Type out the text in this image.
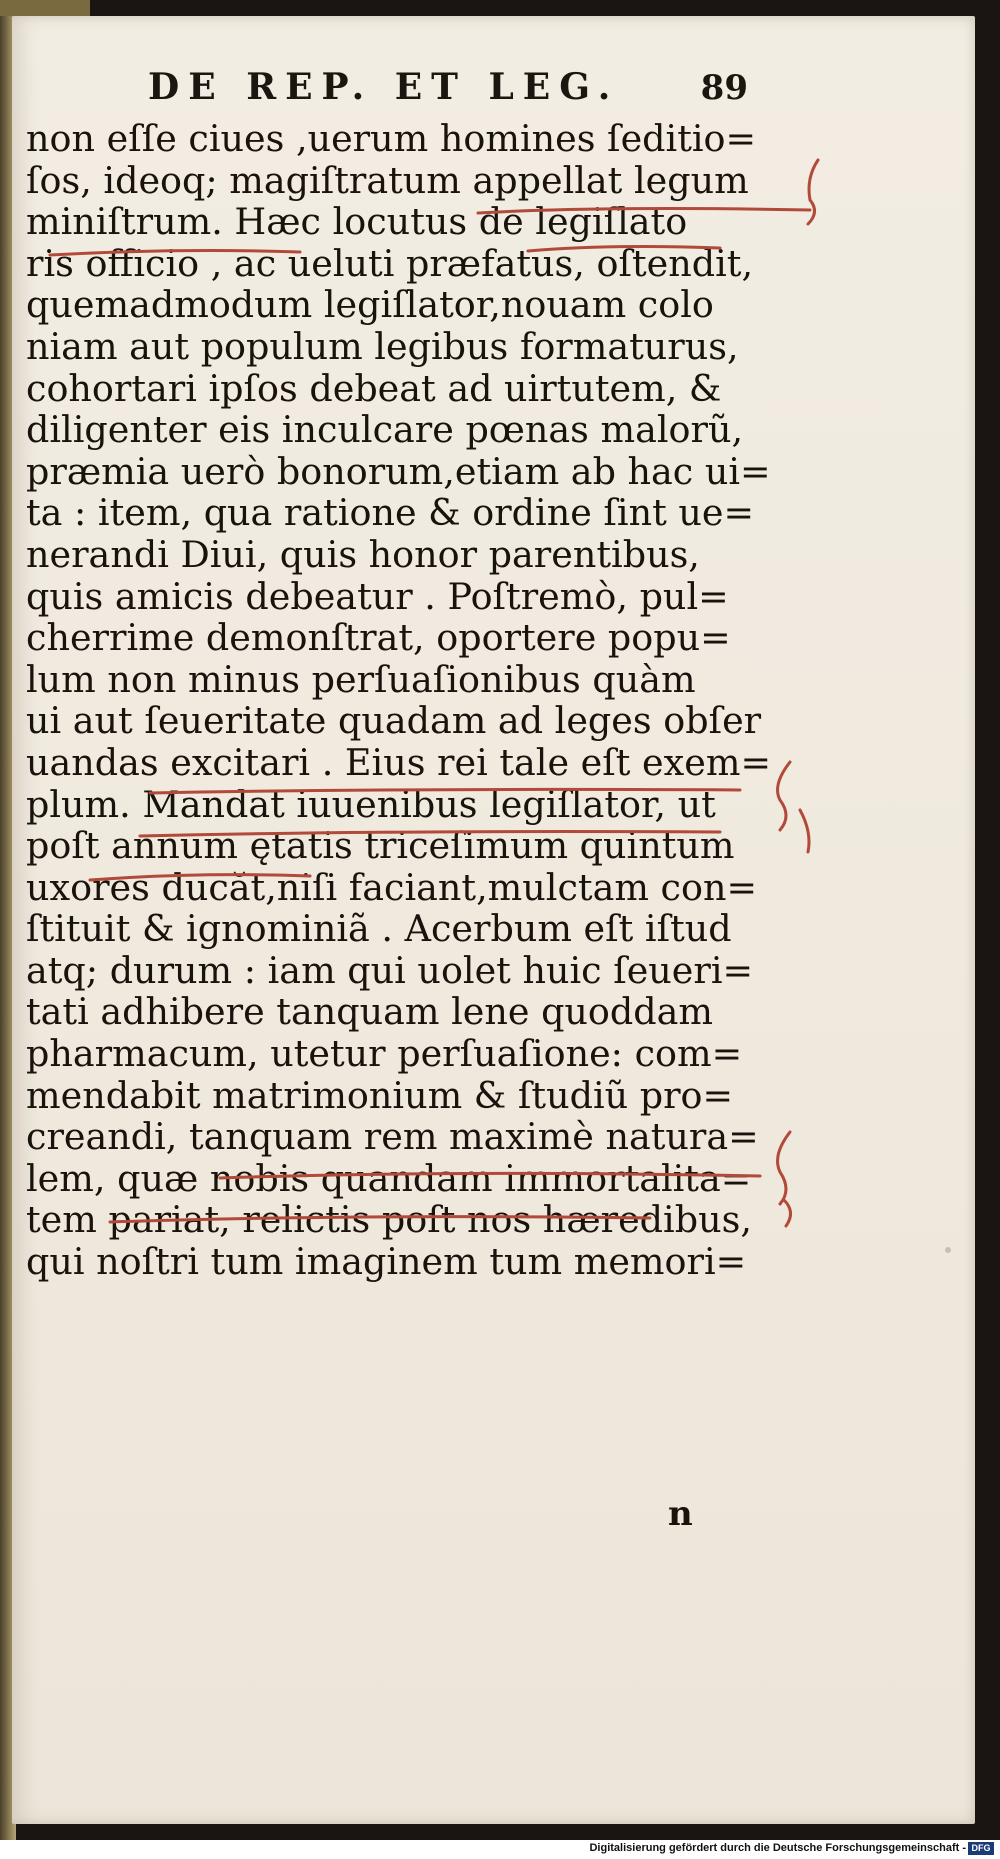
DE REP. ET LEG. 89
non eſſe ciues ,uerum homines ſeditio=
ſos, ideoq; magiſtratum appellat legum
miniſtrum. Hæc locutus de legiſlato
ris officio , ac ueluti præfatus, oſtendit,
quemadmodum legiſlator,nouam colo
niam aut populum legibus formaturus,
cohortari ipſos debeat ad uirtutem, &
diligenter eis inculcare pœnas malorũ,
præmia uerò bonorum,etiam ab hac ui=
ta : item, qua ratione & ordine ſint ue=
nerandi Diui, quis honor parentibus,
quis amicis debeatur . Poſtremò, pul=
cherrime demonſtrat, oportere popu=
lum non minus perſuaſionibus quàm
ui aut ſeueritate quadam ad leges obſer
uandas excitari . Eius rei tale eſt exem=
plum. Mandat iuuenibus legiſlator, ut
poſt annum ętatis triceſimum quintum
uxores ducăt,niſi faciant,mulctam con=
ſtituit & ignominiã . Acerbum eſt iſtud
atq; durum : iam qui uolet huic ſeueri=
tati adhibere tanquam lene quoddam
pharmacum, utetur perſuaſione: com=
mendabit matrimonium & ſtudiũ pro=
creandi, tanquam rem maximè natura=
lem, quæ nobis quandam immortalita=
tem pariat, relictis poſt nos hæredibus,
qui noſtri tum imaginem tum memori=
n
Digitalisierung gefördert durch die Deutsche Forschungsgemeinschaft - DFG
